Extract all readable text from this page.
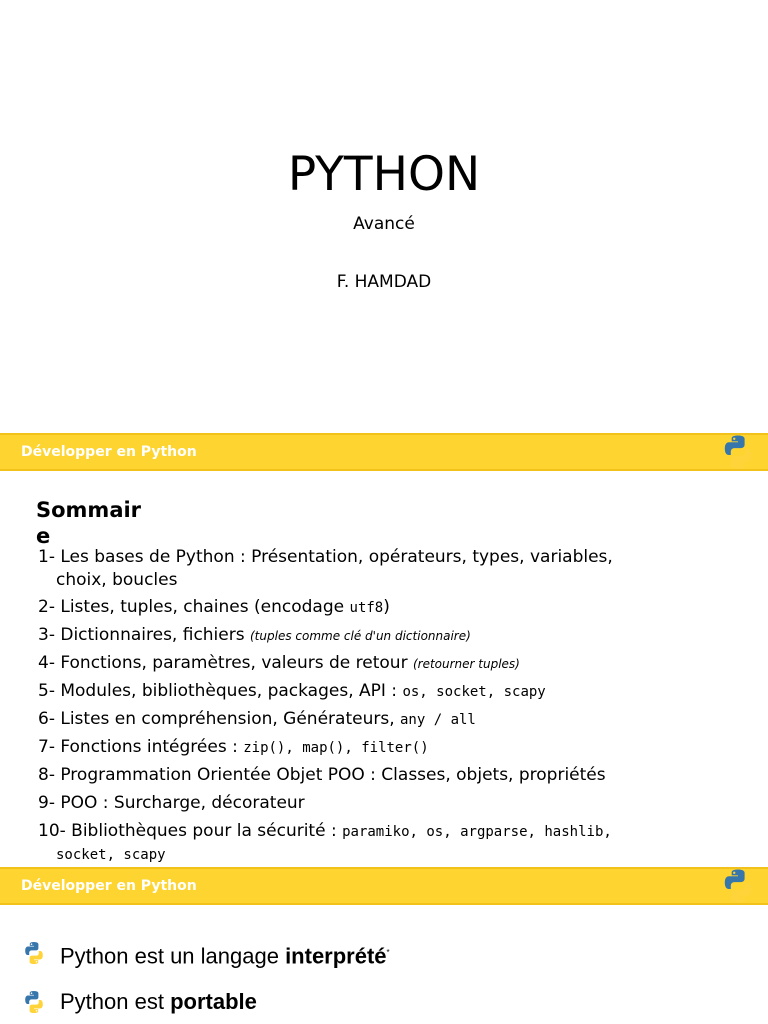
PYTHON
Avancé
F. HAMDAD
Développer en Python
Sommaire
1- Les bases de Python : Présentation, opérateurs, types, variables,
choix, boucles
2- Listes, tuples, chaines (encodage utf8)
3- Dictionnaires, fichiers (tuples comme clé d'un dictionnaire)
4- Fonctions, paramètres, valeurs de retour (retourner tuples)
5- Modules, bibliothèques, packages, API : os, socket, scapy
6- Listes en compréhension, Générateurs, any / all
7- Fonctions intégrées : zip(), map(), filter()
8- Programmation Orientée Objet POO : Classes, objets, propriétés
9- POO : Surcharge, décorateur
10- Bibliothèques pour la sécurité : paramiko, os, argparse, hashlib,
socket, scapy
Développer en Python
Python est un langage interprété*
Python est portable
